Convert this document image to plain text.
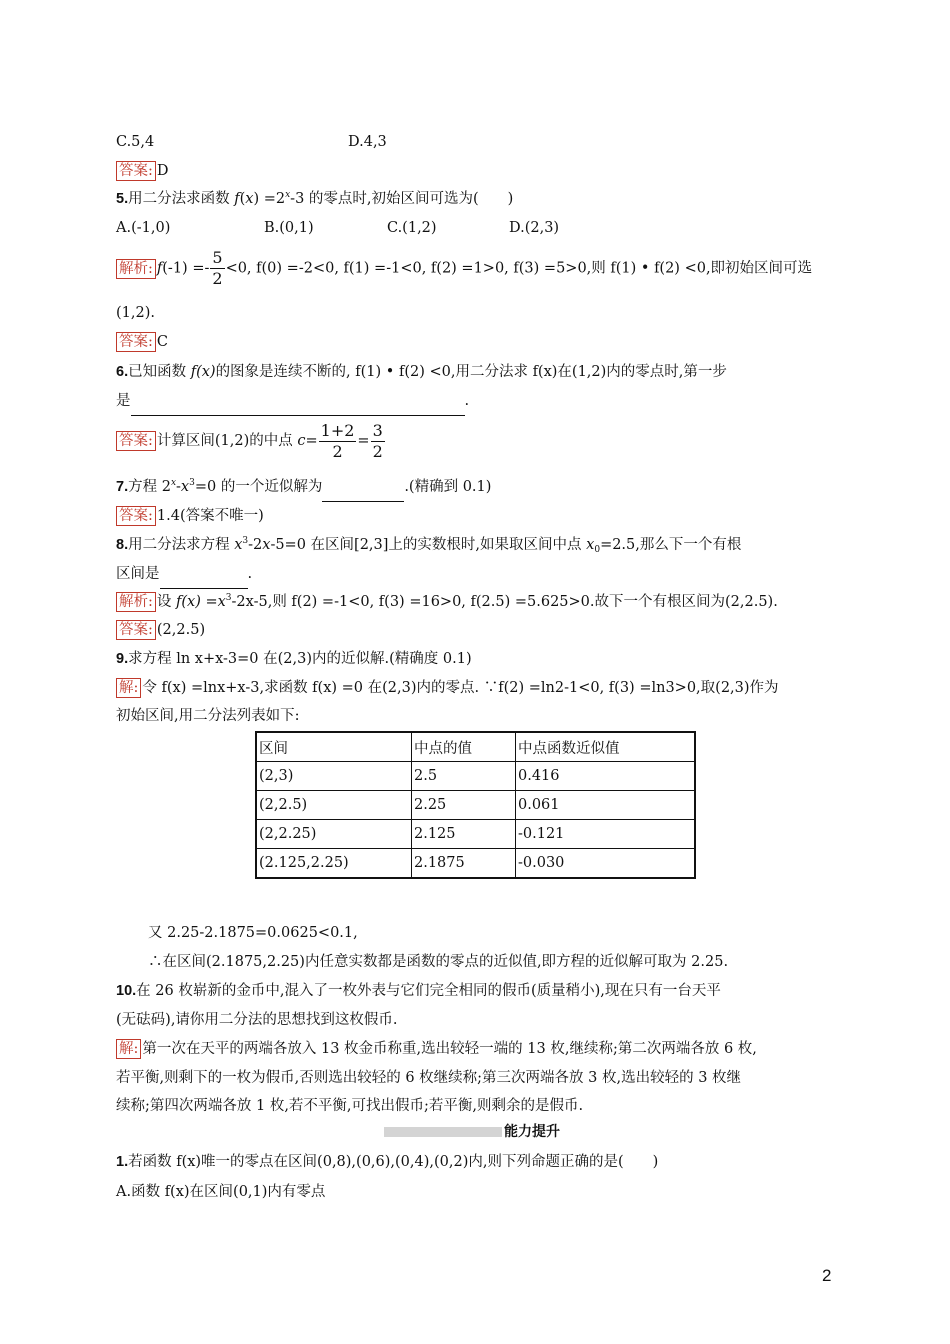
C.5,4	D.4,3
答案: D
5.用二分法求函数 $f(x) =2^x-3$ 的零点时,初始区间可选为(　　)
A.(-1,0)	B.(0,1)	C.(1,2)	D.(2,3)
解析: $f(-1) =- \frac{5}{2} <0$, f(0) =-2<0, f(1) =-1<0, f(2) =1>0, f(3) =5>0,则 f(1) • f(2) <0,即初始区间可选
(1,2).
答案: C
6.已知函数 f(x)的图象是连续不断的, f(1) • f(2) <0,用二分法求 f(x)在(1,2)内的零点时,第一步
是	.
答案: 计算区间(1,2)的中点 $c= \frac{1+2}{2} = \frac{3}{2}$
7.方程 $2^x-x^3=0$ 的一个近似解为	.(精确到 0.1)
答案: 1.4(答案不唯一)
8.用二分法求方程 $x^3-2x-5=0$ 在区间[2,3]上的实数根时,如果取区间中点 $x_0=2.5$,那么下一个有根
区间是	.
解析: 设 $f(x) =x^3-2x-5$,则 f(2) =-1<0, f(3) =16>0, f(2.5) =5.625>0.故下一个有根区间为(2,2.5).
答案: (2,2.5)
9.求方程 ln x+x-3=0 在(2,3)内的近似解.(精确度 0.1)
解: 令 f(x) =lnx+x-3,求函数 f(x) =0 在(2,3)内的零点. ∵f(2) =ln2-1<0, f(3) =ln3>0,取(2,3)作为
初始区间,用二分法列表如下:
区间	中点的值	中点函数近似值
(2,3)	2.5	0.416
(2,2.5)	2.25	0.061
(2,2.25)	2.125	-0.121
(2.125,2.25)	2.1875	-0.030
又 2.25-2.1875=0.0625<0.1,
∴在区间(2.1875,2.25)内任意实数都是函数的零点的近似值,即方程的近似解可取为 2.25.
10.在 26 枚崭新的金币中,混入了一枚外表与它们完全相同的假币(质量稍小),现在只有一台天平
(无砝码),请你用二分法的思想找到这枚假币.
解: 第一次在天平的两端各放入 13 枚金币称重,选出较轻一端的 13 枚,继续称;第二次两端各放 6 枚,
若平衡,则剩下的一枚为假币,否则选出较轻的 6 枚继续称;第三次两端各放 3 枚,选出较轻的 3 枚继
续称;第四次两端各放 1 枚,若不平衡,可找出假币;若平衡,则剩余的是假币.
能力提升
1.若函数 f(x)唯一的零点在区间(0,8),(0,6),(0,4),(0,2)内,则下列命题正确的是(　　)
A.函数 f(x)在区间(0,1)内有零点
2
